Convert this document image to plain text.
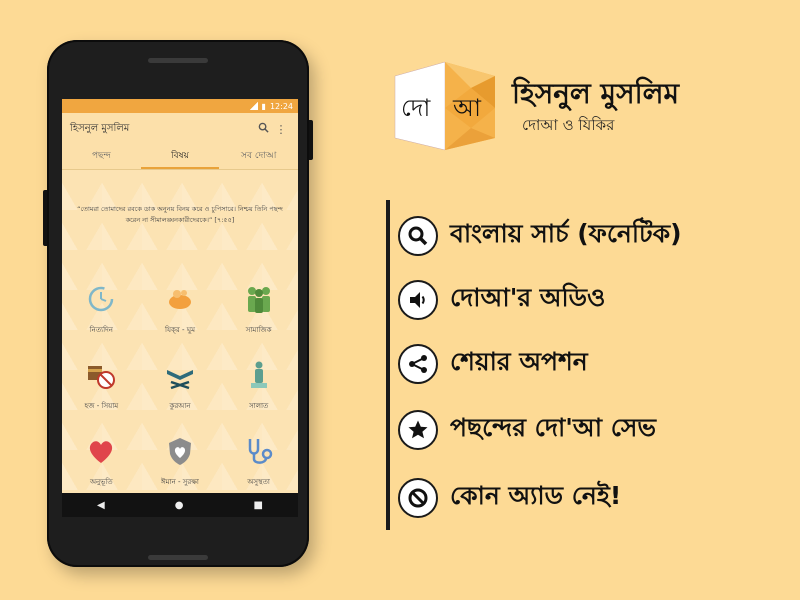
▮ 12:24
হিসনুল মুসলিম	⋮
পছন্দ	বিষয়	সব দোআ
“তোমরা তোমাদের রবকে ডাক অনুনয় বিনয় করে ও চুপিসারে। নিশ্চয় তিনি পছন্দ করেন না সীমালঙ্ঘনকারীদেরকে।” [৭:৫৫]
নিত্যদিন	যিক্‌র - ঘুম	সামাজিক
হজ - সিয়াম	কুরআন	সালাত
অনুভূতি	ঈমান - সুরক্ষা	অসুস্থতা
◀	●	■
দো আ হিসনুল মুসলিম
দোআ ও যিকির
বাংলায় সার্চ (ফনেটিক)
দোআ'র অডিও
শেয়ার অপশন
পছন্দের দো'আ সেভ
কোন অ্যাড নেই!
